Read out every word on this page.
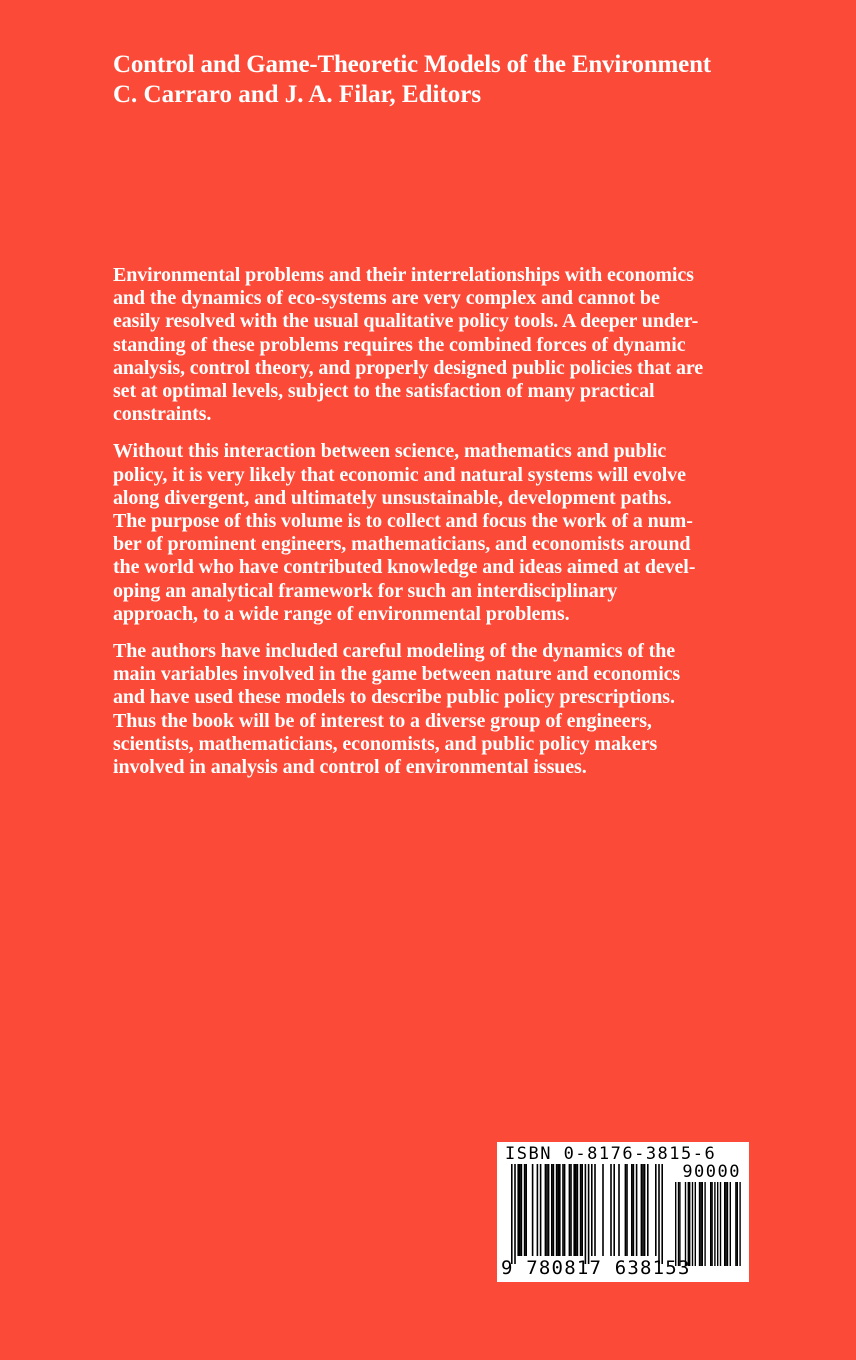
Control and Game-Theoretic Models of the Environment

C. Carraro and J. A. Filar, Editors

Environmental problems and their interrelationships with economics
and the dynamics of eco-systems are very complex and cannot be
easily resolved with the usual qualitative policy tools. A deeper under-
standing of these problems requires the combined forces of dynamic
analysis, control theory, and properly designed public policies that are
set at optimal levels, subject to the satisfaction of many practical
constraints.

Without this interaction between science, mathematics and public
policy, it is very likely that economic and natural systems will evolve
along divergent, and ultimately unsustainable, development paths.
The purpose of this volume is to collect and focus the work of a num-
ber of prominent engineers, mathematicians, and economists around
the world who have contributed knowledge and ideas aimed at devel-
oping an analytical framework for such an interdisciplinary
approach, to a wide range of environmental problems.

The authors have included careful modeling of the dynamics of the
main variables involved in the game between nature and economics
and have used these models to describe public policy prescriptions.
Thus the book will be of interest to a diverse group of engineers,
scientists, mathematicians, economists, and public policy makers
involved in analysis and control of environmental issues.

ISBN 0-8176-3815-6
90000
9 780817 638153
